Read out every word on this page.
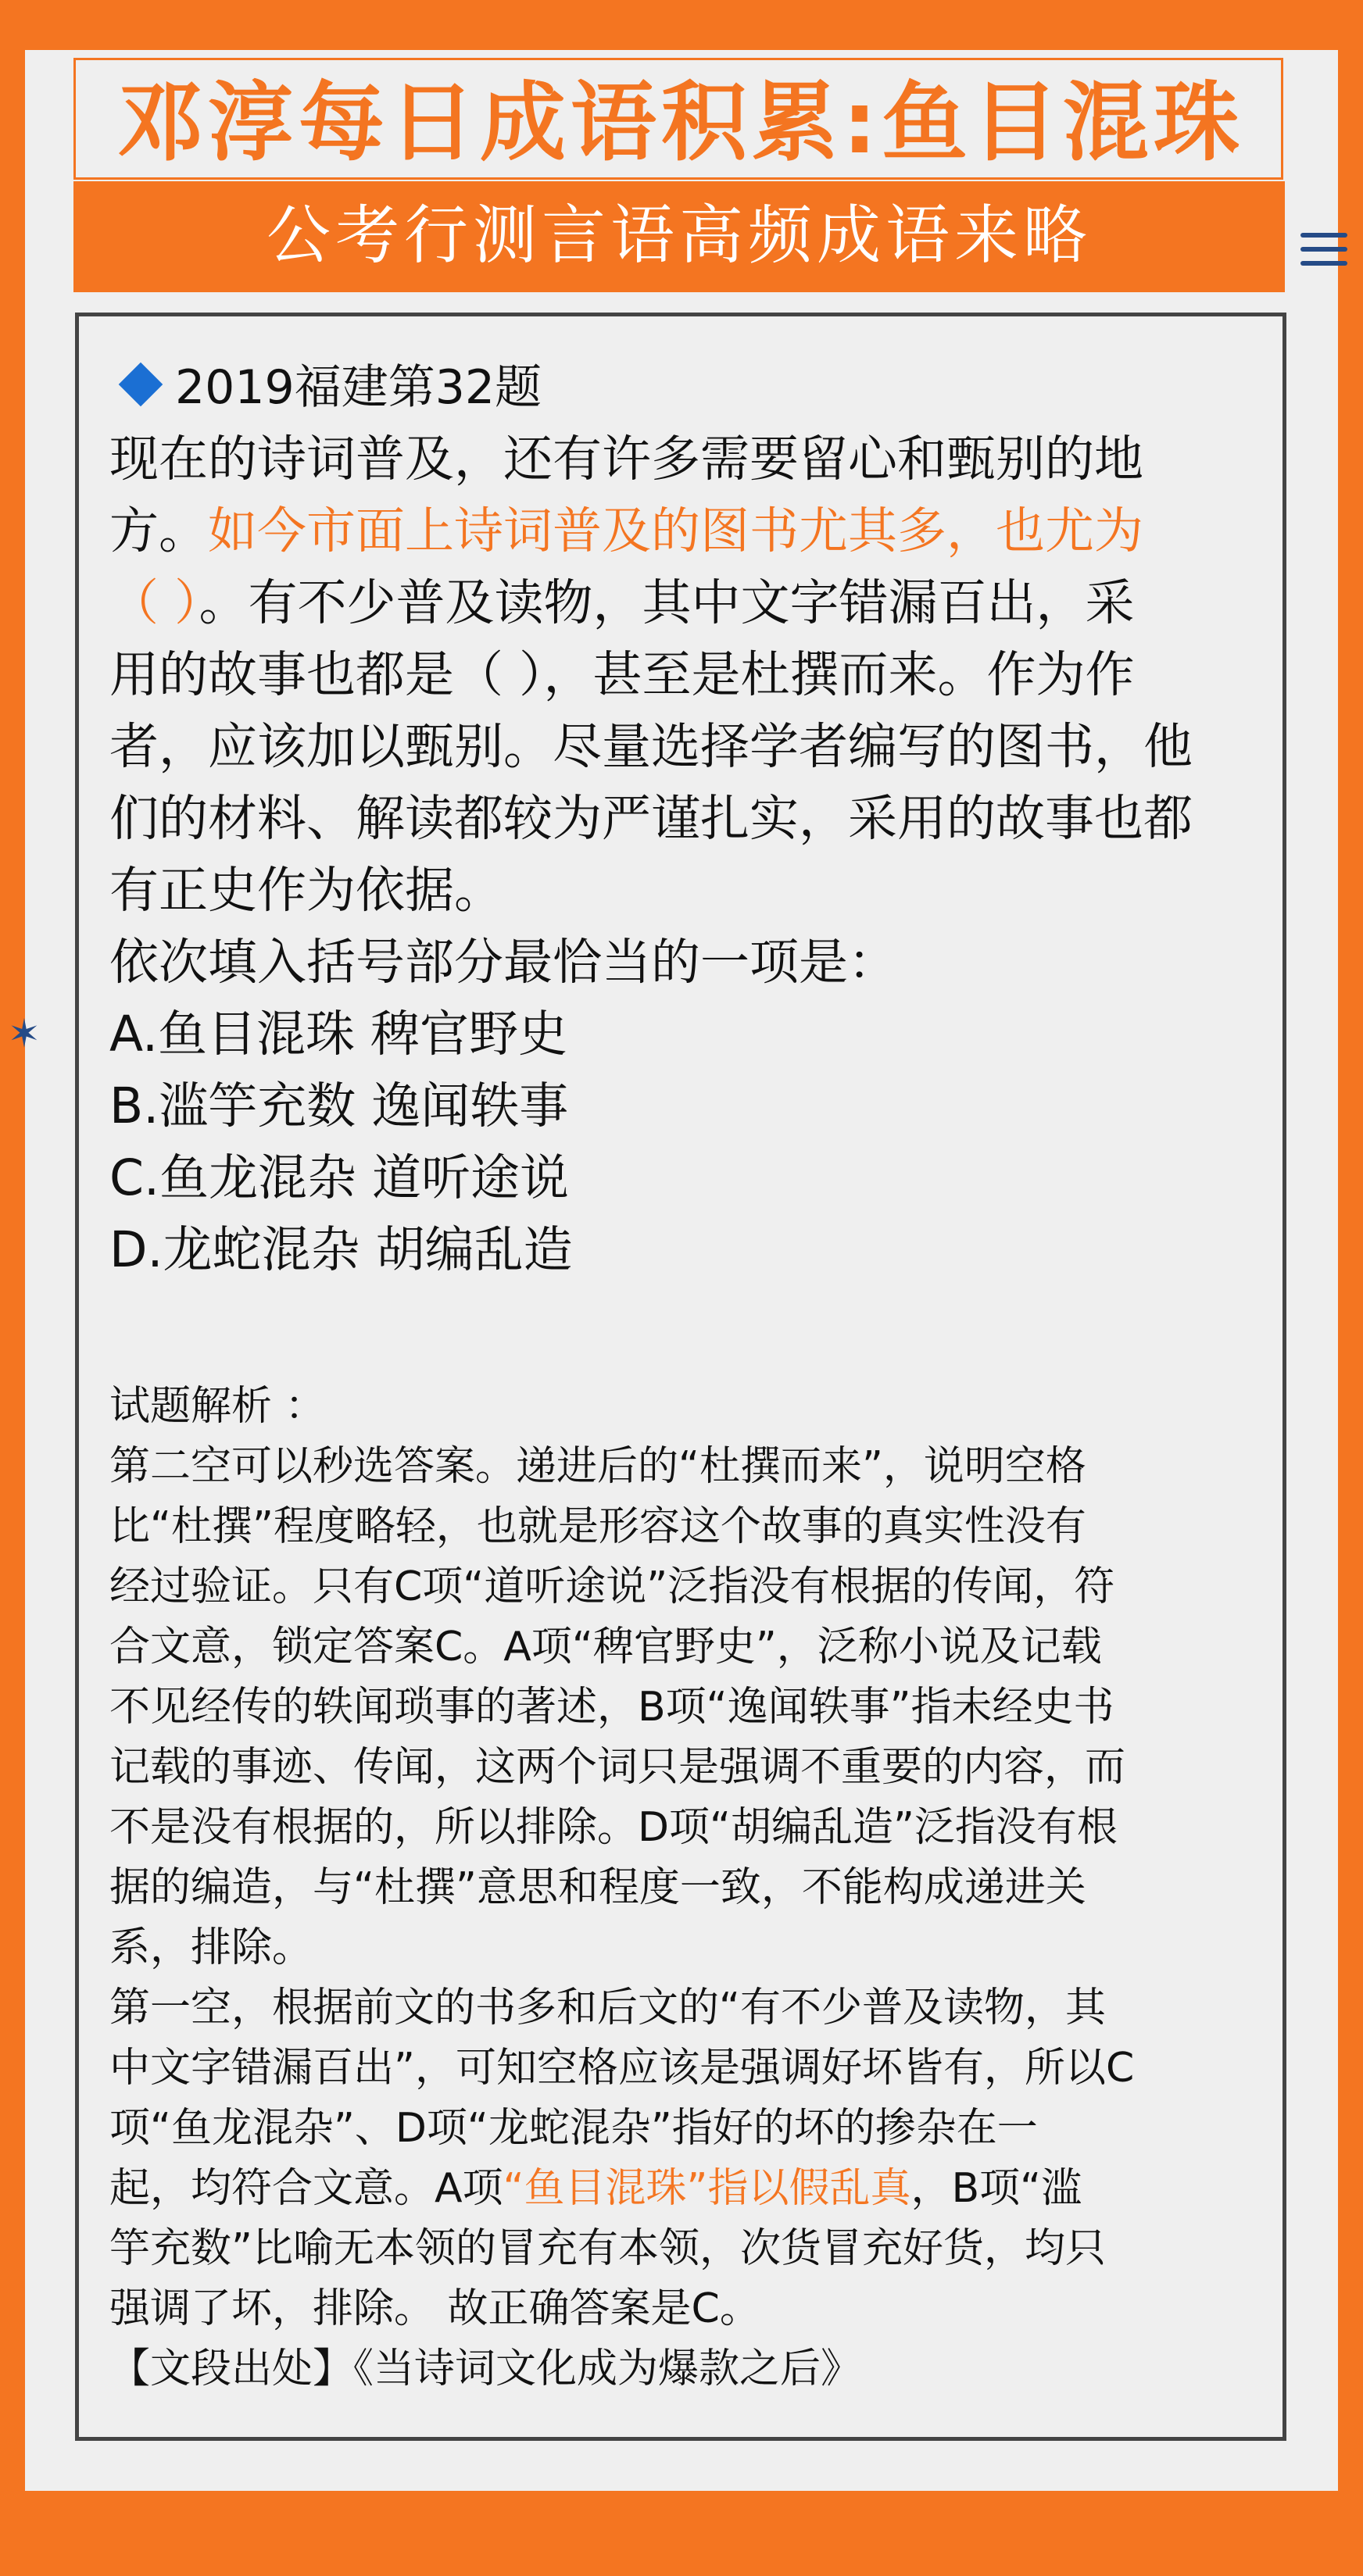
邓淳每日成语积累:鱼目混珠
公考行测言语高频成语来略
✶
2019福建第32题
现在的诗词普及，还有许多需要留心和甄别的地
方。如今市面上诗词普及的图书尤其多，也尤为
（ ）。有不少普及读物，其中文字错漏百出，采
用的故事也都是（ ），甚至是杜撰而来。作为作
者，应该加以甄别。尽量选择学者编写的图书，他
们的材料、解读都较为严谨扎实，采用的故事也都
有正史作为依据。
依次填入括号部分最恰当的一项是：
A.鱼目混珠 稗官野史
B.滥竽充数 逸闻轶事
C.鱼龙混杂 道听途说
D.龙蛇混杂 胡编乱造
试题解析 ：
第二空可以秒选答案。递进后的“杜撰而来”，说明空格
比“杜撰”程度略轻，也就是形容这个故事的真实性没有
经过验证。只有C项“道听途说”泛指没有根据的传闻，符
合文意，锁定答案C。A项“稗官野史”，泛称小说及记载
不见经传的轶闻琐事的著述，B项“逸闻轶事”指未经史书
记载的事迹、传闻，这两个词只是强调不重要的内容，而
不是没有根据的，所以排除。D项“胡编乱造”泛指没有根
据的编造，与“杜撰”意思和程度一致，不能构成递进关
系，排除。
第一空，根据前文的书多和后文的“有不少普及读物，其
中文字错漏百出”，可知空格应该是强调好坏皆有，所以C
项“鱼龙混杂”、D项“龙蛇混杂”指好的坏的掺杂在一
起，均符合文意。A项“鱼目混珠”指以假乱真，B项“滥
竽充数”比喻无本领的冒充有本领，次货冒充好货，均只
强调了坏，排除。 故正确答案是C。
【文段出处】《当诗词文化成为爆款之后》
